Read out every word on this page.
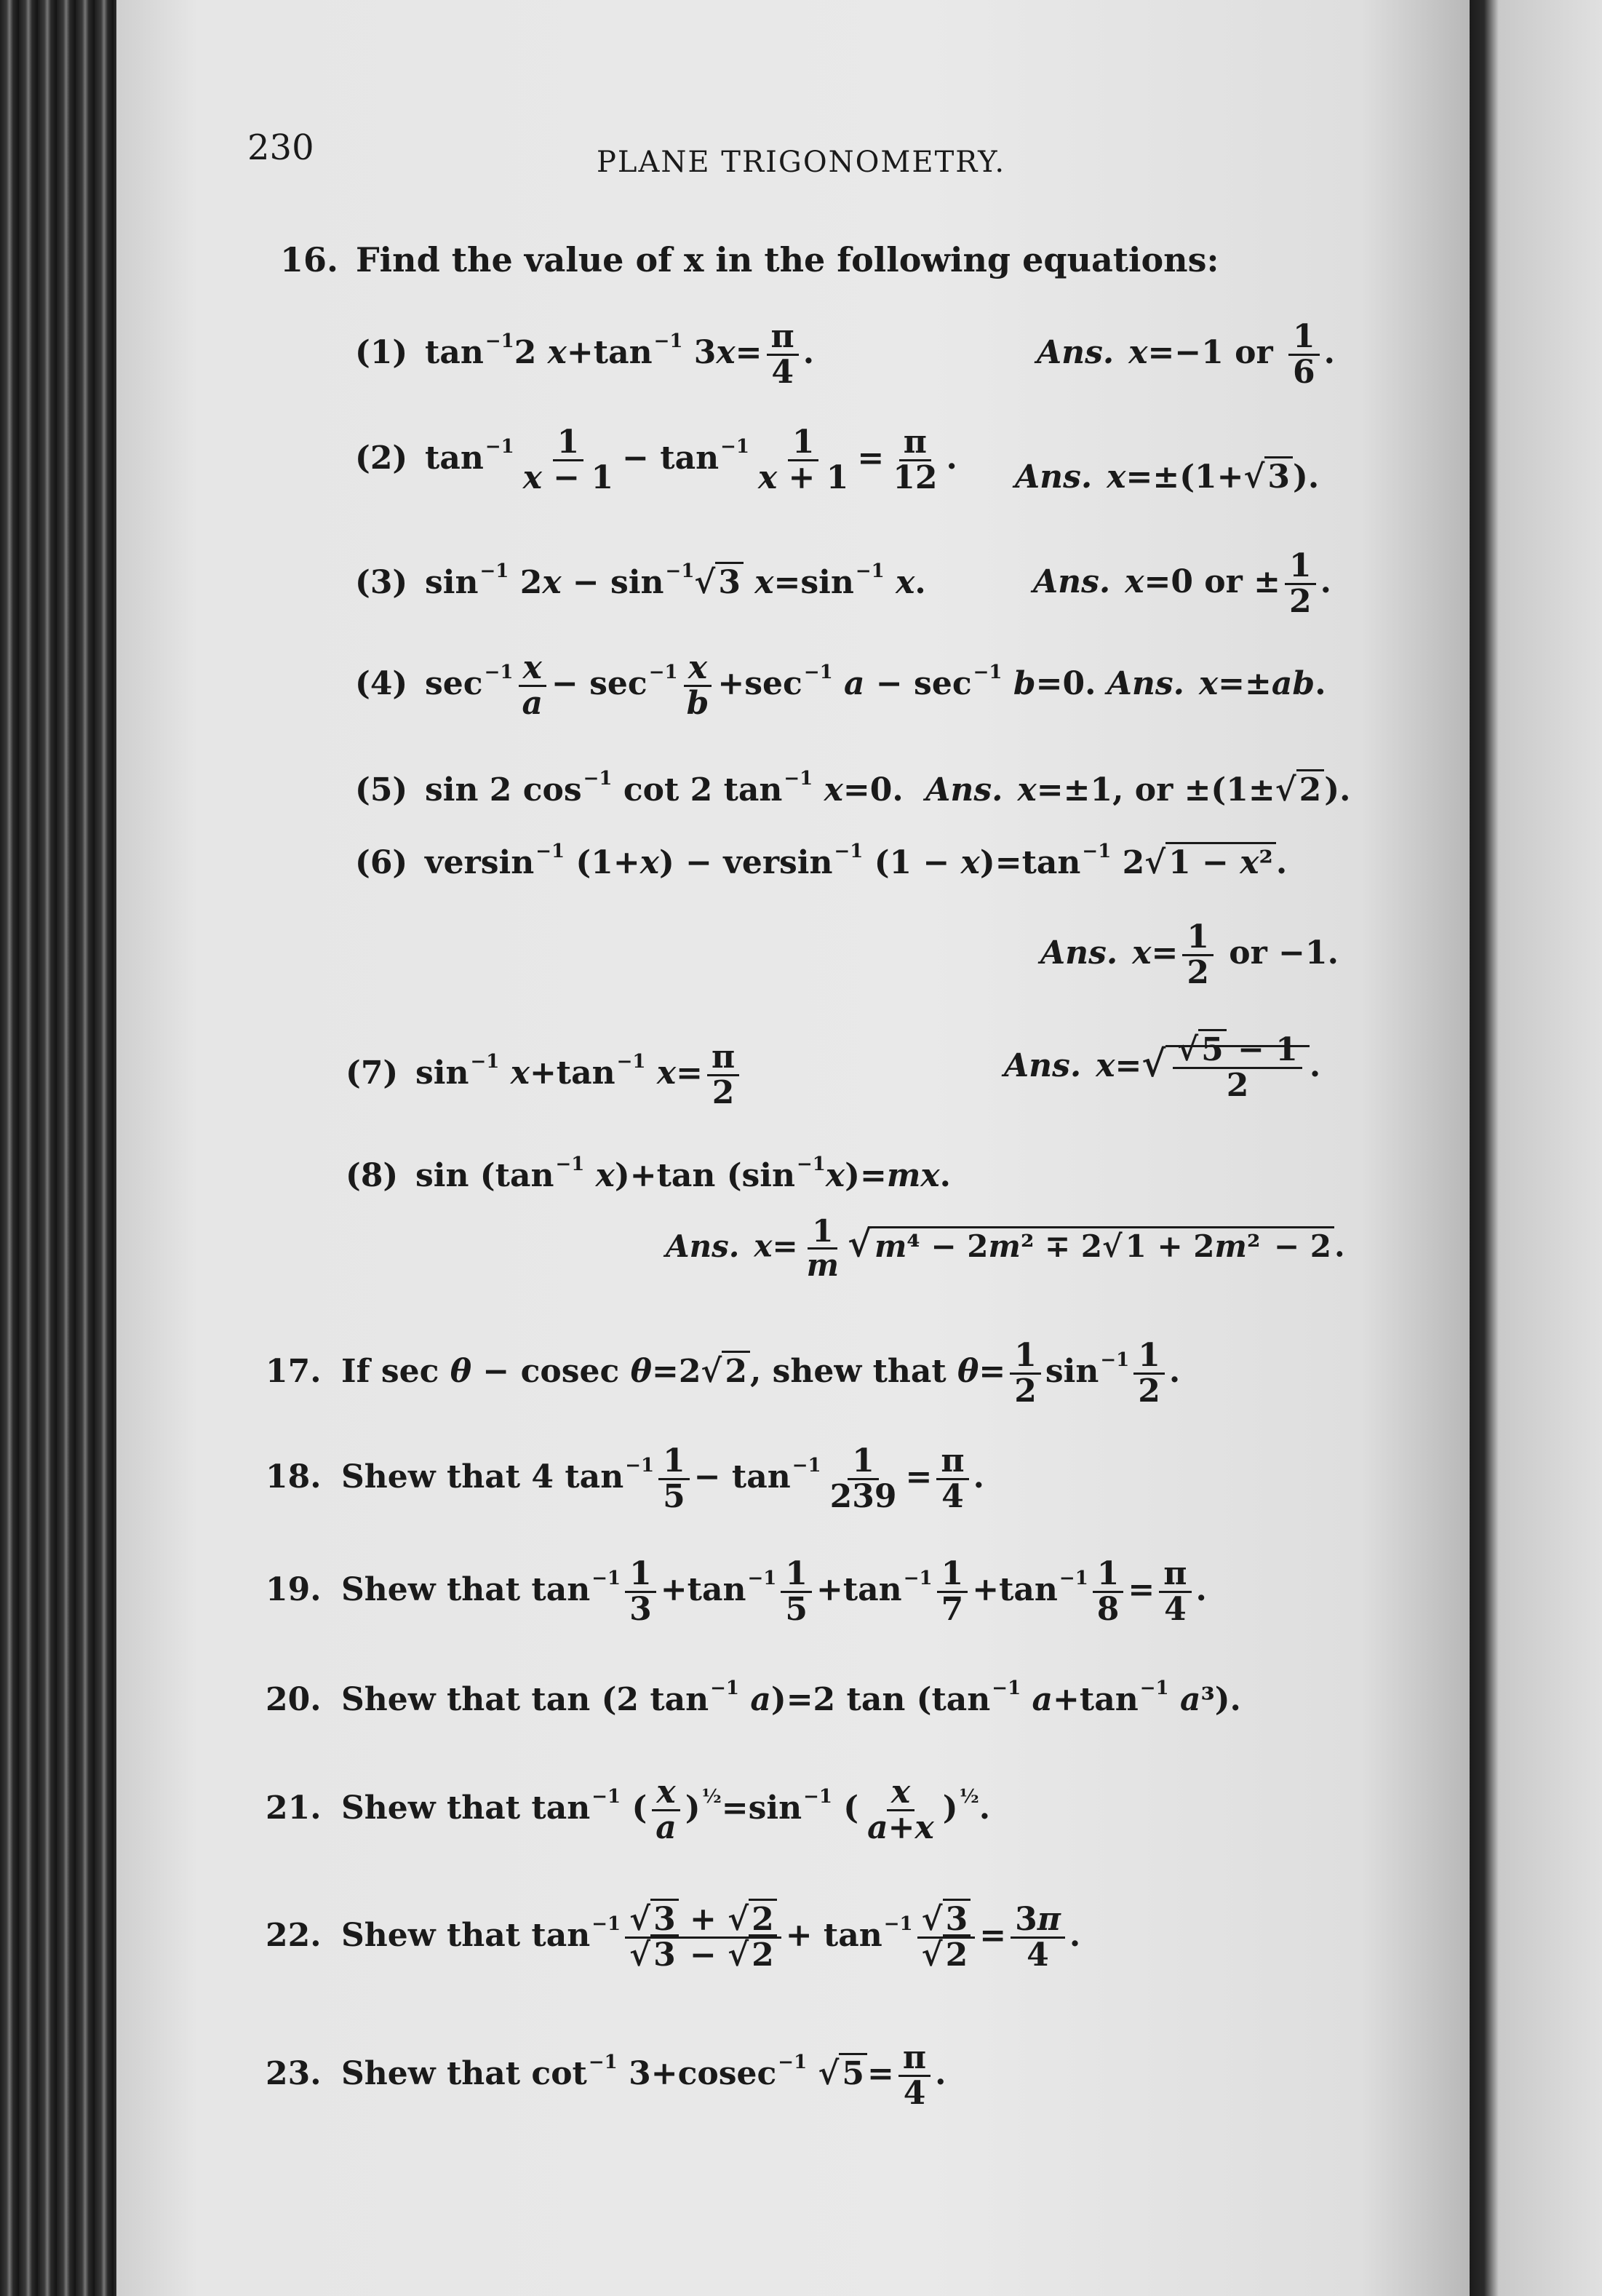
230	PLANE TRIGONOMETRY.
16. Find the value of x in the following equations:
(1) $\tan^{-1}2$ $x+\tan^{-1}$ $3x= \frac{\pi}{4}$ .	Ans. x=−1 or $\frac{1}{6}$ .
(2) $\tan^{-1} \frac{1}{x - 1} - \tan^{-1} \frac{1}{x + 1} = \frac{\pi}{12}$ .
Ans. x=±(1+√3).
(3) $\sin^{-1} 2x - \sin^{-1}√3$ $x=\sin^{-1}$ x.	Ans. x=0 or ± $\frac{1}{2}$ .
(4) $\sec^{-1} \frac{x}{a} - \sec^{-1} \frac{x}{b} +\sec^{-1}$ $a - \sec^{-1} b=0$. Ans. x=±ab.
(5) sin 2 $\cos^{-1} \cot 2$ $\tan^{-1} x=0$.  Ans. x=±1, or ±(1±√2).
(6) versin$^{-1}$ (1+x) − versin$^{-1}$ $(1 - x)=\tan^{-1}$ 2√1 − x².
Ans. $x= \frac{1}{2}$ or −1.
(7) $\sin^{-1} x+\tan^{-1}$ $x= \frac{\pi}{2}$	Ans. $x=√ \frac{√5 - 1}{2}$ .
(8) $\sin (\tan^{-1}$ x)+tan $(\sin^{-1}x)=mx$.
Ans. $x= \frac{1}{m} √m^4 - 2m^2 \mp 2√1 + 2m^2 - 2$.
17. If sec θ − cosec θ=2√2, shew that $\theta= \frac{1}{2} \sin^{-1} \frac{1}{2}$ .
18. Shew that 4 $\tan^{-1} \frac{1}{5} - \tan^{-1} \frac{1}{239} = \frac{\pi}{4}$ .
19. Shew that $\tan^{-1} \frac{1}{3} +\tan^{-1} \frac{1}{5} +\tan^{-1} \frac{1}{7} +\tan^{-1} \frac{1}{8} = \frac{\pi}{4}$ .
20. Shew that tan (2 $\tan^{-1} a)=2$ $\tan (\tan^{-1}$ $a+\tan^{-1}$ a³).
21. Shew that $\tan^{-1}$ ( $\frac{x}{a} )^{\frac{1}{2}}=\sin^{-1}$ ( $\frac{x}{a+x} )^{\frac{1}{2}}$.
22. Shew that $\tan^{-1} \frac{√3 + √2}{√3 - √2} + \tan^{-1} \frac{√3}{√2} = \frac{3\pi}{4}$ .
23. Shew that $\cot^{-1} 3+cosec^{-1}$ $√5= \frac{\pi}{4}$ .
